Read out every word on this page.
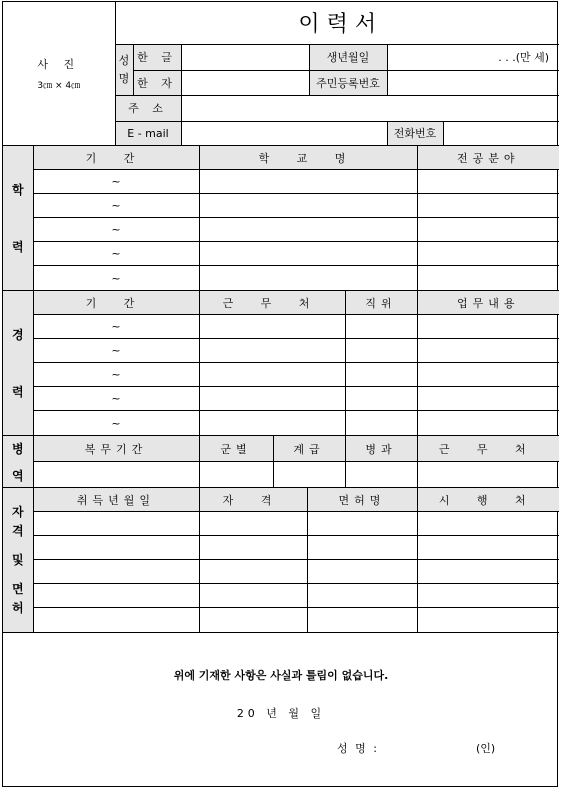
사 진
3㎝ × 4㎝	이 력 서					
	성 명	한 글		생년월일	. . .(만 세)	
		한 자		주민등록번호		
	주 소					
	E - mail				전화번호	
학
력	기 간	학 교 명	전공분야
	~		
	~		
	~		
	~		
	~		
경
력	기 간	근 무 처	직위	업무내용
	~			
	~			
	~			
	~			
	~			
병
역	복무기간	군별	계급	병과	근 무 처

자
격
및
면
허	취득년월일	자 격	면허명	시 행 처

위에 기재한 사항은 사실과 틀림이 없습니다.
20 년 월 일
성 명 :	(인)
